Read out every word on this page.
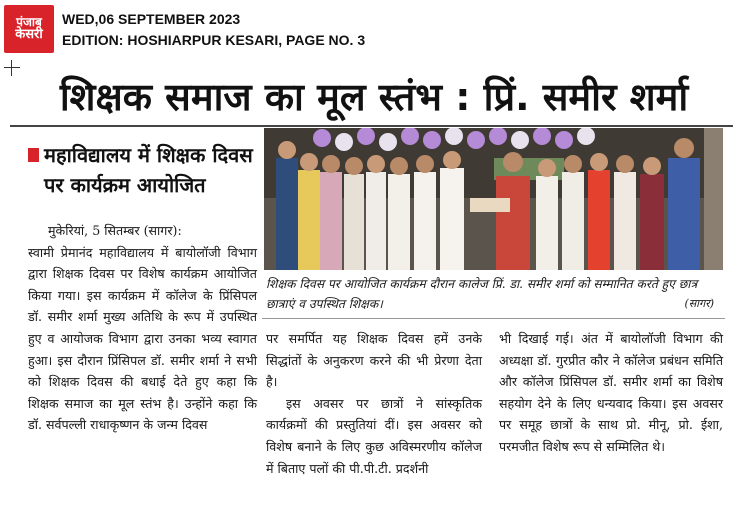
पंजाब
केसरी
WED,06 SEPTEMBER 2023
EDITION: HOSHIARPUR KESARI, PAGE NO. 3
शिक्षक समाज का मूल स्तंभ : प्रिं. समीर शर्मा
महाविद्यालय में शिक्षक दिवस
पर कार्यक्रम आयोजित
मुकेरियां, 5 सितम्बर (सागर):
स्वामी प्रेमानंद महाविद्यालय में बायोलॉजी विभाग द्वारा शिक्षक दिवस पर विशेष कार्यक्रम आयोजित किया गया। इस कार्यक्रम में कॉलेज के प्रिंसिपल डॉ. समीर शर्मा मुख्य अतिथि के रूप में उपस्थित हुए व आयोजक विभाग द्वारा उनका भव्य स्वागत हुआ। इस दौरान प्रिंसिपल डॉ. समीर शर्मा ने सभी को शिक्षक दिवस की बधाई देते हुए कहा कि शिक्षक समाज का मूल स्तंभ है। उन्होंने कहा कि डॉ. सर्वपल्ली राधाकृष्णन के जन्म दिवस
शिक्षक दिवस पर आयोजित कार्यक्रम दौरान कालेज प्रिं. डा. समीर शर्मा को सम्मानित करते हुए छात्र छात्राएं व उपस्थित शिक्षक।	(सागर)
पर समर्पित यह शिक्षक दिवस हमें उनके सिद्धांतों के अनुकरण करने की भी प्रेरणा देता है।
इस अवसर पर छात्रों ने सांस्कृतिक कार्यक्रमों की प्रस्तुतियां दीं। इस अवसर को विशेष बनाने के लिए कुछ अविस्मरणीय कॉलेज में बिताए पलों की पी.पी.टी. प्रदर्शनी
भी दिखाई गई। अंत में बायोलॉजी विभाग की अध्यक्षा डॉ. गुरप्रीत कौर ने कॉलेज प्रबंधन समिति और कॉलेज प्रिंसिपल डॉ. समीर शर्मा का विशेष सहयोग देने के लिए धन्यवाद किया। इस अवसर पर समूह छात्रों के साथ प्रो. मीनू, प्रो. ईशा, परमजीत विशेष रूप से सम्मिलित थे।
